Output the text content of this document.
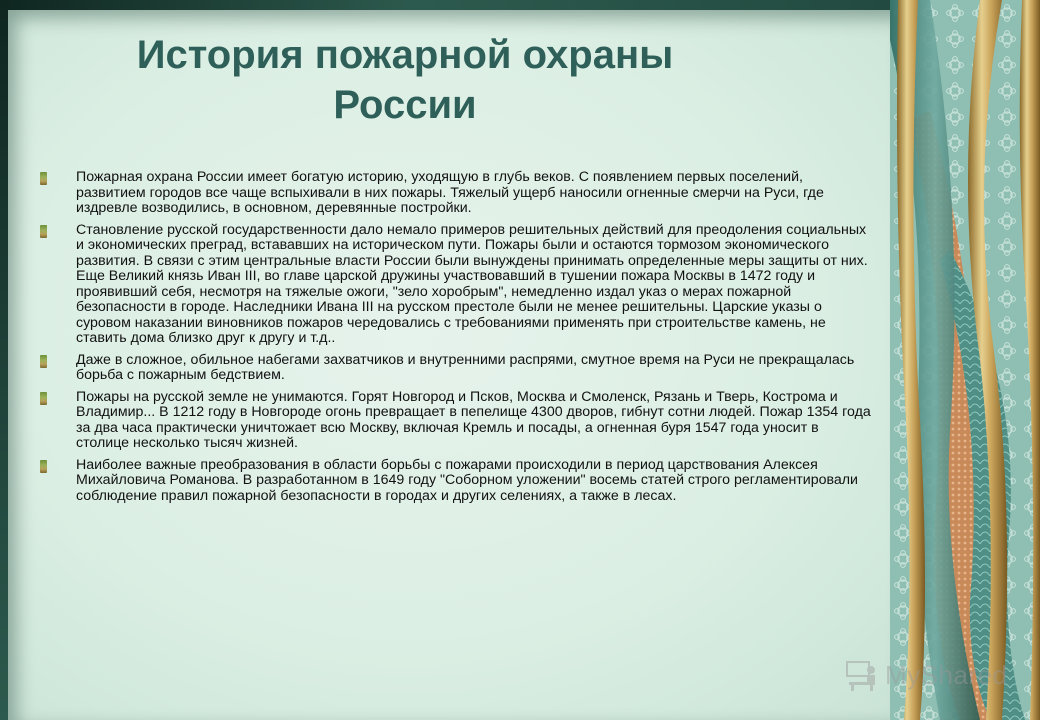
История пожарной охраны России
Пожарная охрана России имеет богатую историю, уходящую в глубь веков. С появлением первых поселений, развитием городов все чаще вспыхивали в них пожары. Тяжелый ущерб наносили огненные смерчи на Руси, где издревле возводились, в основном, деревянные постройки.
Становление русской государственности дало немало примеров решительных действий для преодоления социальных и экономических преград, встававших на историческом пути. Пожары были и остаются тормозом экономического развития. В связи с этим центральные власти России были вынуждены принимать определенные меры защиты от них. Еще Великий князь Иван III, во главе царской дружины участвовавший в тушении пожара Москвы в 1472 году и проявивший себя, несмотря на тяжелые ожоги, "зело хоробрым", немедленно издал указ о мерах пожарной безопасности в городе. Наследники Ивана III на русском престоле были не менее решительны. Царские указы о суровом наказании виновников пожаров чередовались с требованиями применять при строительстве камень, не ставить дома близко друг к другу и т.д..
Даже в сложное, обильное набегами захватчиков и внутренними распрями, смутное время на Руси не прекращалась борьба с пожарным бедствием.
Пожары на русской земле не унимаются. Горят Новгород и Псков, Москва и Смоленск, Рязань и Тверь, Кострома и Владимир... В 1212 году в Новгороде огонь превращает в пепелище 4300 дворов, гибнут сотни людей. Пожар 1354 года за два часа практически уничтожает всю Москву, включая Кремль и посады, а огненная буря 1547 года уносит в столице несколько тысяч жизней.
Наиболее важные преобразования в области борьбы с пожарами происходили в период царствования Алексея Михайловича Романова. В разработанном в 1649 году "Соборном уложении" восемь статей строго регламентировали соблюдение правил пожарной безопасности в городах и других селениях, а также в лесах.
MyShared
